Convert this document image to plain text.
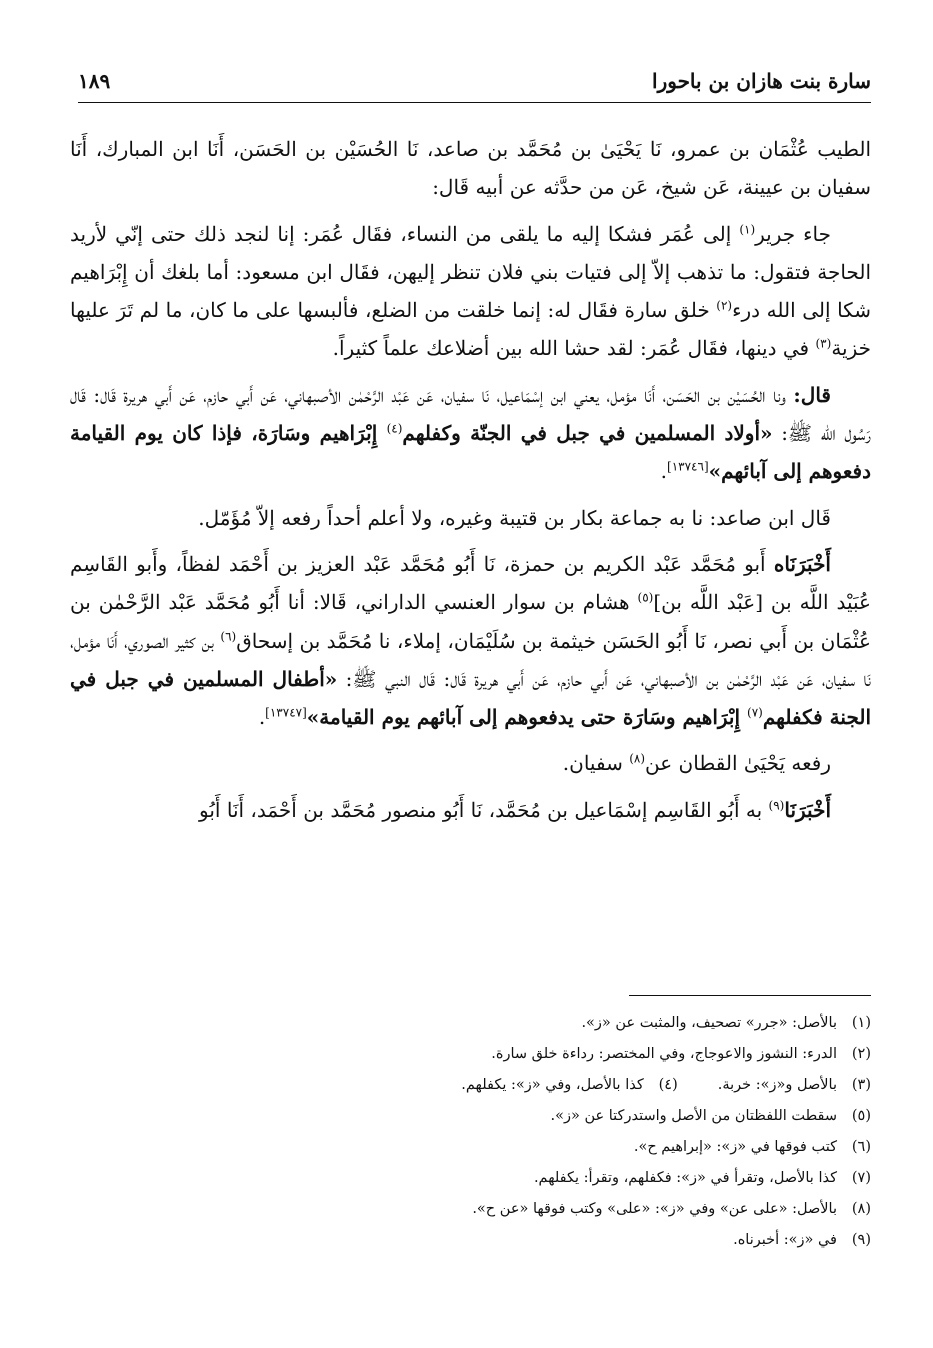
سارة بنت هازان بن باحورا
١٨٩

الطيب عُثْمَان بن عمرو، نَا يَحْيَىٰ بن مُحَمَّد بن صاعد، نَا الحُسَيْن بن الحَسَن، أَنَا ابن المبارك، أَنَا سفيان بن عيينة، عَن شيخ، عَن من حدَّثه عن أبيه قَال:

جاء جرير$^{(١)}$ إلى عُمَر فشكا إليه ما يلقى من النساء، فقَال عُمَر: إنا لنجد ذلك حتى إنّي لأريد الحاجة فتقول: ما تذهب إلاّ إلى فتيات بني فلان تنظر إليهن، فقَال ابن مسعود: أما بلغك أن إِبْرَاهيم شكا إلى الله درء$^{(٢)}$ خلق سارة فقَال له: إنما خلقت من الضلع، فألبسها على ما كان، ما لم تَرَ عليها خزية$^{(٣)}$ في دينها، فقَال عُمَر: لقد حشا الله بين أضلاعك علماً كثيراً.

قال: ونا الحُسَيْن بن الحَسَن، أَنَا مؤمل، يعني ابن إسْمَاعيل، نَا سفيان، عَن عَبْد الرَّحْمٰن الأصبهاني، عَن أَبي حازم، عَن أَبي هريرة قَال: قَال رَسُول الله ﷺ: «أولاد المسلمين في جبل في الجنّة وكفلهم$^{(٤)}$ إِبْرَاهيم وسَارَة، فإذا كان يوم القيامة دفعوهم إلى آبائهم»[١٣٧٤٦].

قَال ابن صاعد: نا به جماعة بكار بن قتيبة وغيره، ولا أعلم أحداً رفعه إلاّ مُؤَمّل.

أَخْبَرَنَاه أَبو مُحَمَّد عَبْد الكريم بن حمزة، نَا أَبُو مُحَمَّد عَبْد العزيز بن أَحْمَد لفظاً، وأَبو القَاسِم عُبَيْد اللَّه بن [عَبْد اللَّه بن]$^{(٥)}$ هشام بن سوار العنسي الداراني، قَالا: أنا أَبُو مُحَمَّد عَبْد الرَّحْمٰن بن عُثْمَان بن أَبي نصر، نَا أَبُو الحَسَن خيثمة بن سُلَيْمَان، إملاء، نا مُحَمَّد بن إسحاق$^{(٦)}$ بن كثير الصوري، أَنَا مؤمل، نَا سفيان، عَن عَبْد الرَّحْمٰن بن الأصبهاني، عَن أَبي حازم، عَن أَبي هريرة قَال: قَال النبي ﷺ: «أطفال المسلمين في جبل في الجنة فكفلهم$^{(٧)}$ إِبْرَاهيم وسَارَة حتى يدفعوهم إلى آبائهم يوم القيامة»[١٣٧٤٧].

رفعه يَحْيَىٰ القطان عن$^{(٨)}$ سفيان.

أَخْبَرَنَا$^{(٩)}$ به أَبُو القَاسِم إسْمَاعيل بن مُحَمَّد، نَا أَبُو منصور مُحَمَّد بن أَحْمَد، أَنَا أَبُو

(١)
بالأصل: «جرر» تصحيف، والمثبت عن «ز».
(٢)
الدرء: النشوز والاعوجاج، وفي المختصر: رداءة خلق سارة.
(٣)
بالأصل و«ز»: خربة.
(٤)
كذا بالأصل، وفي «ز»: يكفلهم.
(٥)
سقطت اللفظتان من الأصل واستدركتا عن «ز».
(٦)
كتب فوقها في «ز»: «إبراهيم ح».
(٧)
كذا بالأصل، وتقرأ في «ز»: فكفلهم، وتقرأ: يكفلهم.
(٨)
بالأصل: «على عن» وفي «ز»: «على» وكتب فوقها «عن ح».
(٩)
في «ز»: أخبرناه.
